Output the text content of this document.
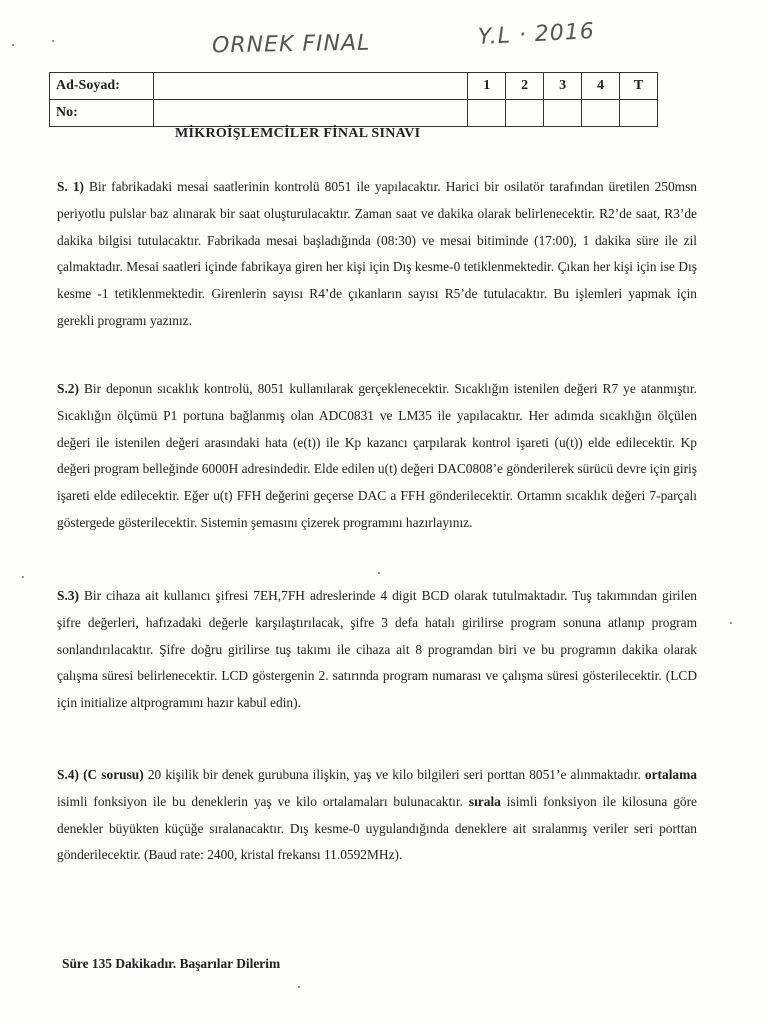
ORNEK FINAL	Y.L · 2016
Ad-Soyad:		1	2	3	4	T
No:						
MİKROİŞLEMCİLER FİNAL SINAVI

S. 1) Bir fabrikadaki mesai saatlerinin kontrolü 8051 ile yapılacaktır. Harici bir osilatör tarafından üretilen 250msn periyotlu pulslar baz alınarak bir saat oluşturulacaktır. Zaman saat ve dakika olarak belirlenecektir. R2’de saat, R3’de dakika bilgisi tutulacaktır. Fabrikada mesai başladığında (08:30) ve mesai bitiminde (17:00), 1 dakika süre ile zil çalmaktadır. Mesai saatleri içinde fabrikaya giren her kişi için Dış kesme-0 tetiklenmektedir. Çıkan her kişi için ise Dış kesme -1 tetiklenmektedir. Girenlerin sayısı R4’de çıkanların sayısı R5’de tutulacaktır. Bu işlemleri yapmak için gerekli programı yazınız.

S.2) Bir deponun sıcaklık kontrolü, 8051 kullanılarak gerçeklenecektir. Sıcaklığın istenilen değeri R7 ye atanmıştır. Sıcaklığın ölçümü P1 portuna bağlanmış olan ADC0831 ve LM35 ile yapılacaktır. Her adımda sıcaklığın ölçülen değeri ile istenilen değeri arasındaki hata (e(t)) ile Kp kazancı çarpılarak kontrol işareti (u(t)) elde edilecektir. Kp değeri program belleğinde 6000H adresindedir. Elde edilen u(t) değeri DAC0808’e gönderilerek sürücü devre için giriş işareti elde edilecektir. Eğer u(t) FFH değerini geçerse DAC a FFH gönderilecektir. Ortamın sıcaklık değeri 7-parçalı göstergede gösterilecektir. Sistemin şemasını çizerek programını hazırlayınız.

S.3) Bir cihaza ait kullanıcı şifresi 7EH,7FH adreslerinde 4 digit BCD olarak tutulmaktadır. Tuş takımından girilen şifre değerleri, hafızadaki değerle karşılaştırılacak, şifre 3 defa hatalı girilirse program sonuna atlanıp program sonlandırılacaktır. Şifre doğru girilirse tuş takımı ile cihaza ait 8 programdan biri ve bu programın dakika olarak çalışma süresi belirlenecektir. LCD göstergenin 2. satırında program numarası ve çalışma süresi gösterilecektir. (LCD için initialize altprogramını hazır kabul edin).

S.4) (C sorusu) 20 kişilik bir denek gurubuna ilişkin, yaş ve kilo bilgileri seri porttan 8051’e alınmaktadır. ortalama isimli fonksiyon ile bu deneklerin yaş ve kilo ortalamaları bulunacaktır. sırala isimli fonksiyon ile kilosuna göre denekler büyükten küçüğe sıralanacaktır. Dış kesme-0 uygulandığında deneklere ait sıralanmış veriler seri porttan gönderilecektir. (Baud rate: 2400, kristal frekansı 11.0592MHz).

Süre 135 Dakikadır. Başarılar Dilerim
